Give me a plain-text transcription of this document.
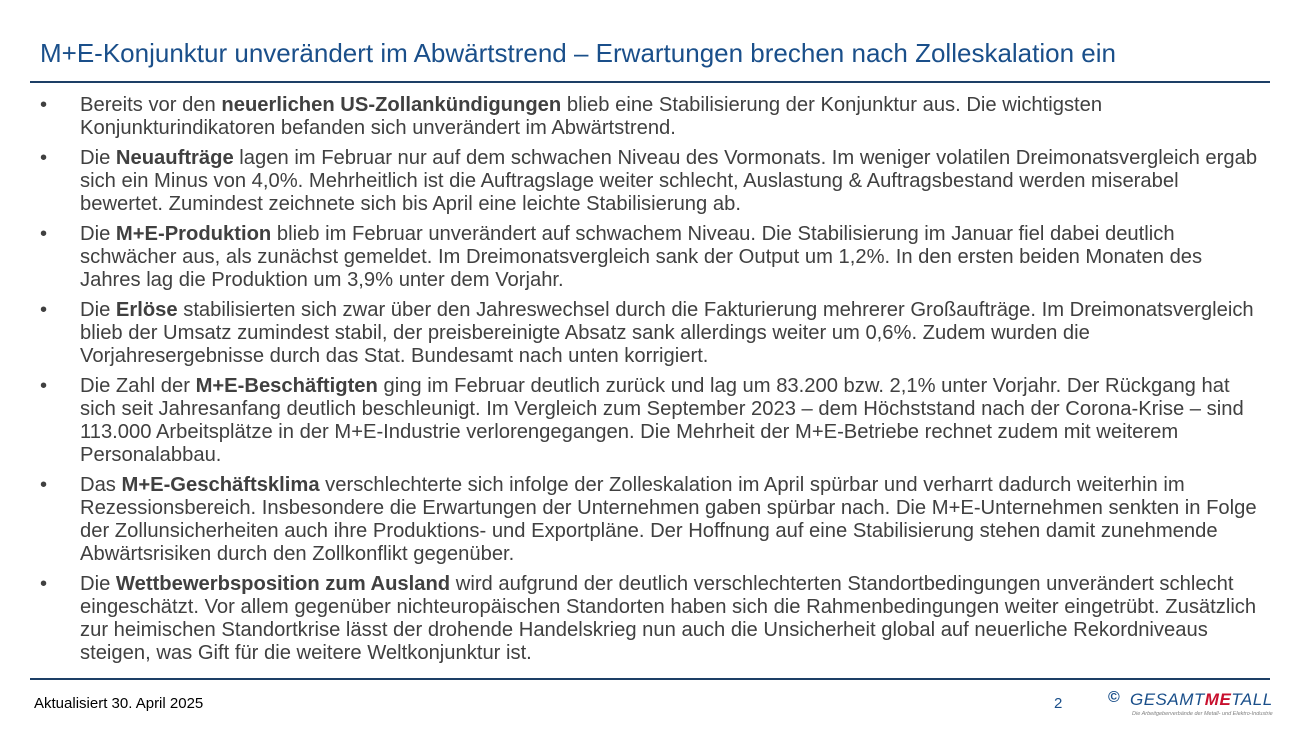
M+E-Konjunktur unverändert im Abwärtstrend – Erwartungen brechen nach Zolleskalation ein
• Bereits vor den neuerlichen US-Zollankündigungen blieb eine Stabilisierung der Konjunktur aus. Die wichtigsten Konjunkturindikatoren befanden sich unverändert im Abwärtstrend.
• Die Neuaufträge lagen im Februar nur auf dem schwachen Niveau des Vormonats. Im weniger volatilen Dreimonatsvergleich ergab sich ein Minus von 4,0%. Mehrheitlich ist die Auftragslage weiter schlecht, Auslastung & Auftragsbestand werden miserabel bewertet. Zumindest zeichnete sich bis April eine leichte Stabilisierung ab.
• Die M+E-Produktion blieb im Februar unverändert auf schwachem Niveau. Die Stabilisierung im Januar fiel dabei deutlich schwächer aus, als zunächst gemeldet. Im Dreimonatsvergleich sank der Output um 1,2%. In den ersten beiden Monaten des Jahres lag die Produktion um 3,9% unter dem Vorjahr.
• Die Erlöse stabilisierten sich zwar über den Jahreswechsel durch die Fakturierung mehrerer Großaufträge. Im Dreimonatsvergleich blieb der Umsatz zumindest stabil, der preisbereinigte Absatz sank allerdings weiter um 0,6%. Zudem wurden die Vorjahresergebnisse durch das Stat. Bundesamt nach unten korrigiert.
• Die Zahl der M+E-Beschäftigten ging im Februar deutlich zurück und lag um 83.200 bzw. 2,1% unter Vorjahr. Der Rückgang hat sich seit Jahresanfang deutlich beschleunigt. Im Vergleich zum September 2023 – dem Höchststand nach der Corona-Krise – sind 113.000 Arbeitsplätze in der M+E-Industrie verlorengegangen. Die Mehrheit der M+E-Betriebe rechnet zudem mit weiterem Personalabbau.
• Das M+E-Geschäftsklima verschlechterte sich infolge der Zolleskalation im April spürbar und verharrt dadurch weiterhin im Rezessionsbereich. Insbesondere die Erwartungen der Unternehmen gaben spürbar nach. Die M+E-Unternehmen senkten in Folge der Zollunsicherheiten auch ihre Produktions- und Exportpläne. Der Hoffnung auf eine Stabilisierung stehen damit zunehmende Abwärtsrisiken durch den Zollkonflikt gegenüber.
• Die Wettbewerbsposition zum Ausland wird aufgrund der deutlich verschlechterten Standortbedingungen unverändert schlecht eingeschätzt. Vor allem gegenüber nichteuropäischen Standorten haben sich die Rahmenbedingungen weiter eingetrübt. Zusätzlich zur heimischen Standortkrise lässt der drohende Handelskrieg nun auch die Unsicherheit global auf neuerliche Rekordniveaus steigen, was Gift für die weitere Weltkonjunktur ist.
Aktualisiert 30. April 2025	2	© GESAMTMETALL
Die Arbeitgeberverbände der Metall- und Elektro-Industrie
